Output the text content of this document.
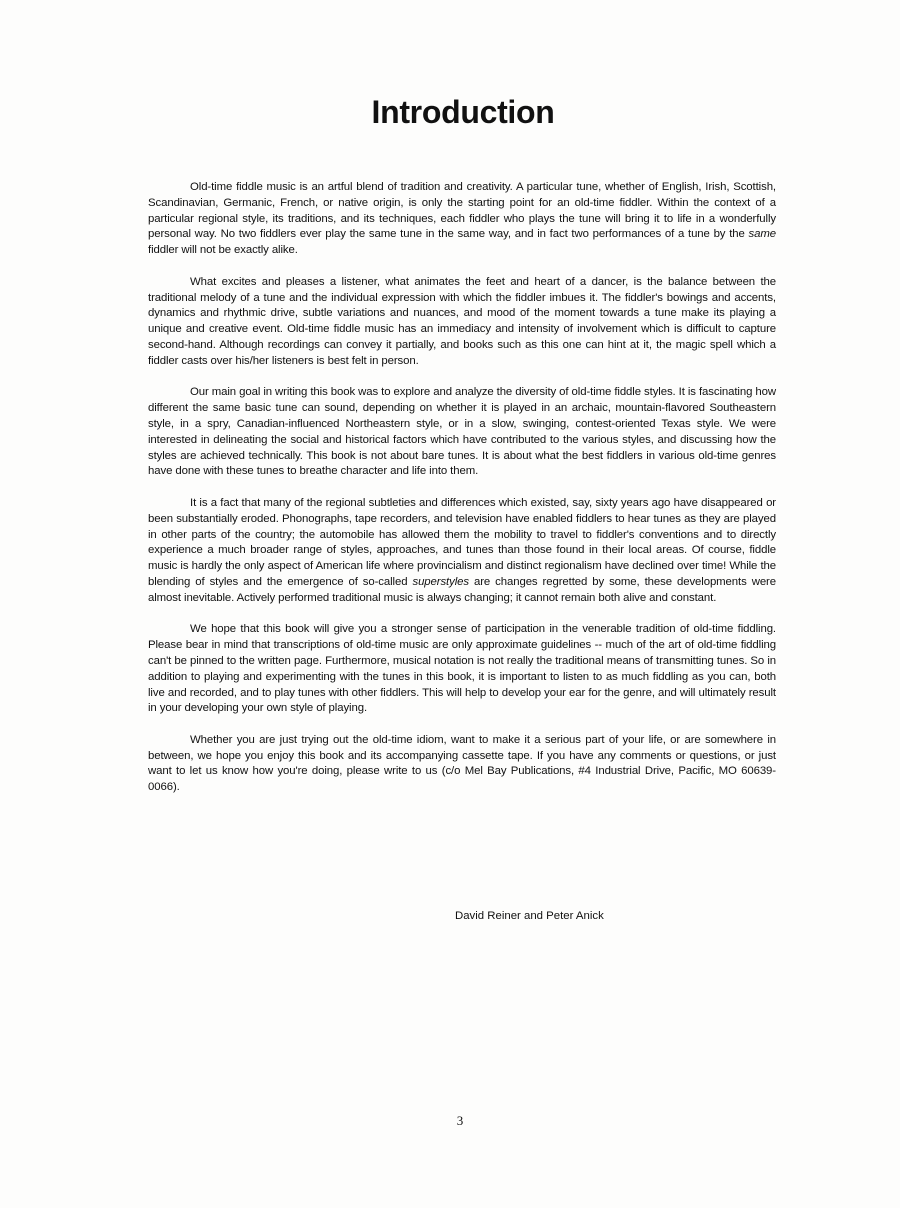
Introduction

Old-time fiddle music is an artful blend of tradition and creativity. A particular tune, whether of English, Irish, Scottish, Scandinavian, Germanic, French, or native origin, is only the starting point for an old-time fiddler. Within the context of a particular regional style, its traditions, and its techniques, each fiddler who plays the tune will bring it to life in a wonderfully personal way. No two fiddlers ever play the same tune in the same way, and in fact two performances of a tune by the same fiddler will not be exactly alike.

What excites and pleases a listener, what animates the feet and heart of a dancer, is the balance between the traditional melody of a tune and the individual expression with which the fiddler imbues it. The fiddler's bowings and accents, dynamics and rhythmic drive, subtle variations and nuances, and mood of the moment towards a tune make its playing a unique and creative event. Old-time fiddle music has an immediacy and intensity of involvement which is difficult to capture second-hand. Although recordings can convey it partially, and books such as this one can hint at it, the magic spell which a fiddler casts over his/her listeners is best felt in person.

Our main goal in writing this book was to explore and analyze the diversity of old-time fiddle styles. It is fascinating how different the same basic tune can sound, depending on whether it is played in an archaic, mountain-flavored Southeastern style, in a spry, Canadian-influenced Northeastern style, or in a slow, swinging, contest-oriented Texas style. We were interested in delineating the social and historical factors which have contributed to the various styles, and discussing how the styles are achieved technically. This book is not about bare tunes. It is about what the best fiddlers in various old-time genres have done with these tunes to breathe character and life into them.

It is a fact that many of the regional subtleties and differences which existed, say, sixty years ago have disappeared or been substantially eroded. Phonographs, tape recorders, and television have enabled fiddlers to hear tunes as they are played in other parts of the country; the automobile has allowed them the mobility to travel to fiddler's conventions and to directly experience a much broader range of styles, approaches, and tunes than those found in their local areas. Of course, fiddle music is hardly the only aspect of American life where provincialism and distinct regionalism have declined over time! While the blending of styles and the emergence of so-called superstyles are changes regretted by some, these developments were almost inevitable. Actively performed traditional music is always changing; it cannot remain both alive and constant.

We hope that this book will give you a stronger sense of participation in the venerable tradition of old-time fiddling. Please bear in mind that transcriptions of old-time music are only approximate guidelines -- much of the art of old-time fiddling can't be pinned to the written page. Furthermore, musical notation is not really the traditional means of transmitting tunes. So in addition to playing and experimenting with the tunes in this book, it is important to listen to as much fiddling as you can, both live and recorded, and to play tunes with other fiddlers. This will help to develop your ear for the genre, and will ultimately result in your developing your own style of playing.

Whether you are just trying out the old-time idiom, want to make it a serious part of your life, or are somewhere in between, we hope you enjoy this book and its accompanying cassette tape. If you have any comments or questions, or just want to let us know how you're doing, please write to us (c/o Mel Bay Publications, #4 Industrial Drive, Pacific, MO 60639-0066).

David Reiner and Peter Anick
3
